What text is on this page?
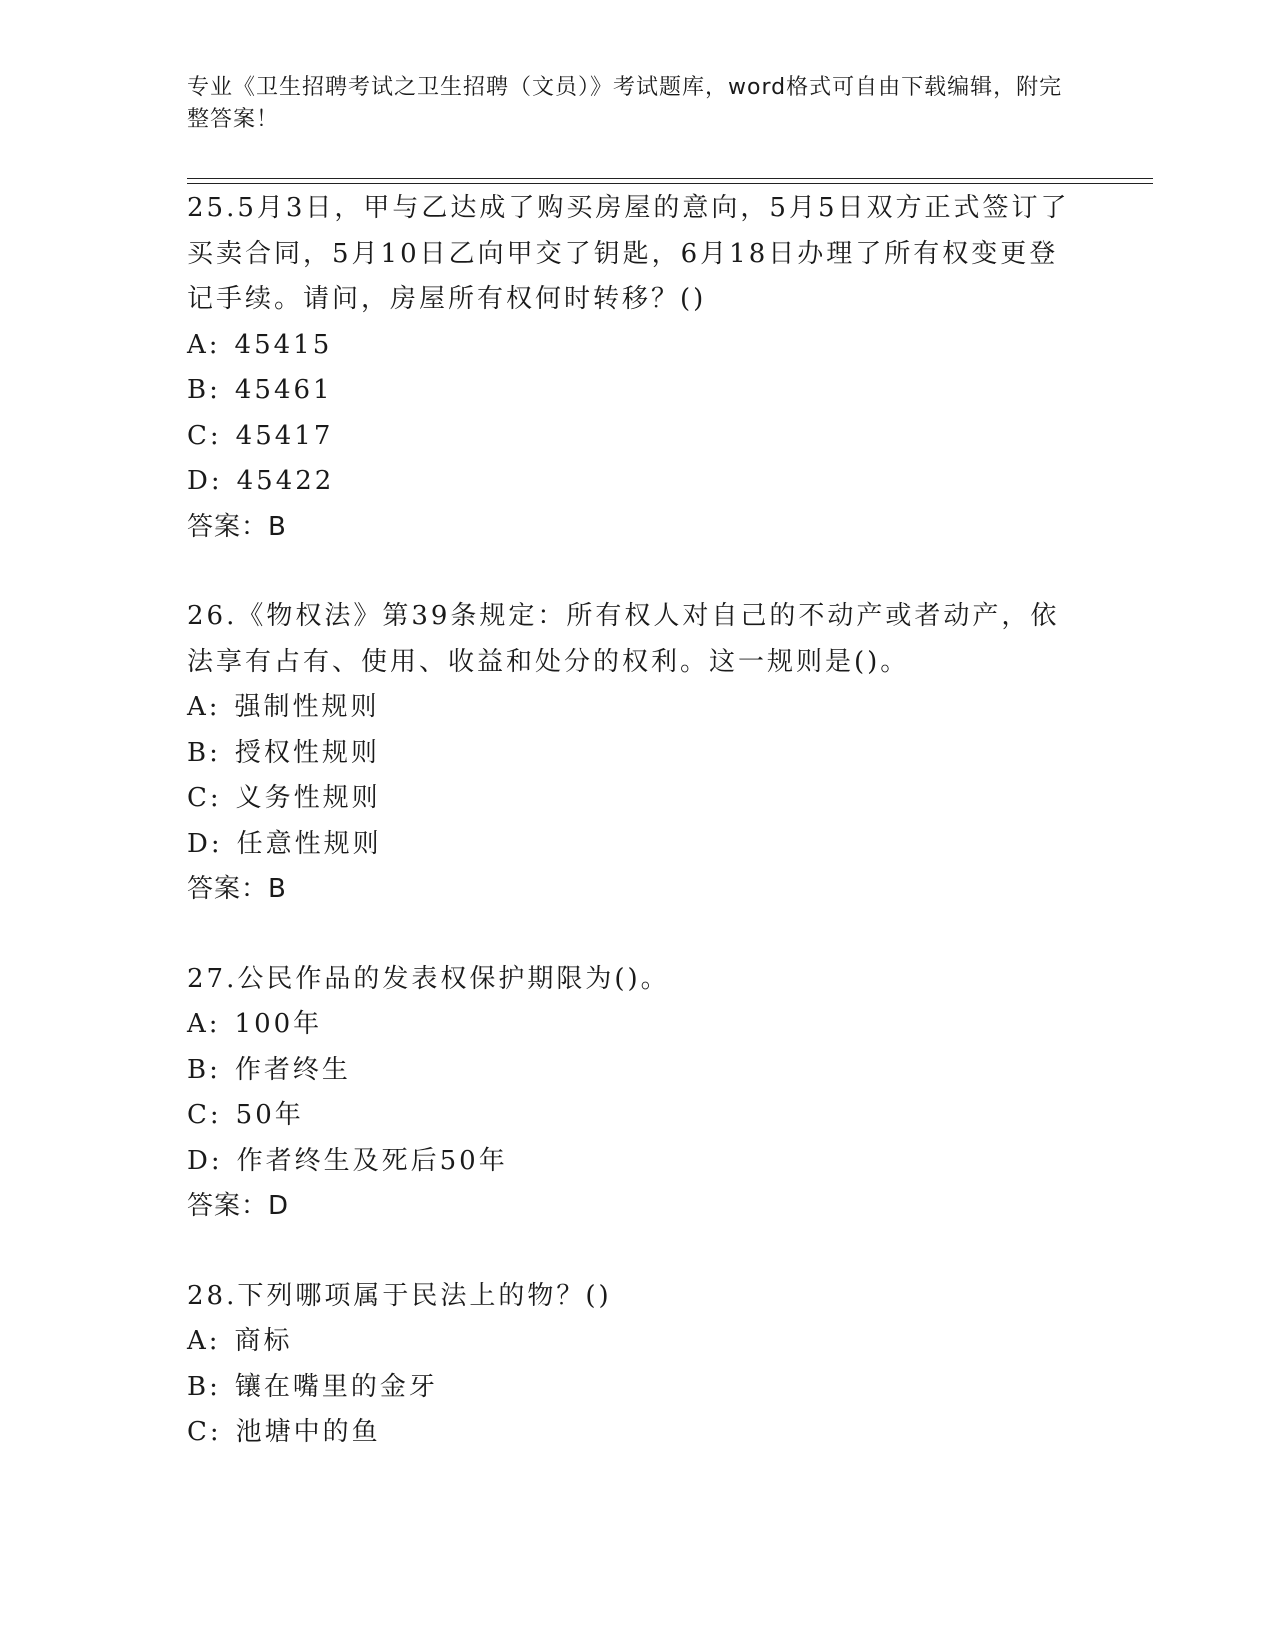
专业《卫生招聘考试之卫生招聘（文员）》考试题库，word格式可自由下载编辑，附完整答案！

25.5月3日，甲与乙达成了购买房屋的意向，5月5日双方正式签订了买卖合同，5月10日乙向甲交了钥匙，6月18日办理了所有权变更登记手续。请问，房屋所有权何时转移？()

A: 45415
B: 45461
C: 45417
D: 45422
答案：B

26.《物权法》第39条规定：所有权人对自己的不动产或者动产，依法享有占有、使用、收益和处分的权利。这一规则是()。

A: 强制性规则
B: 授权性规则
C: 义务性规则
D: 任意性规则
答案：B

27.公民作品的发表权保护期限为()。

A: 100年
B: 作者终生
C: 50年
D: 作者终生及死后50年
答案：D

28.下列哪项属于民法上的物？()

A: 商标
B: 镶在嘴里的金牙
C: 池塘中的鱼
